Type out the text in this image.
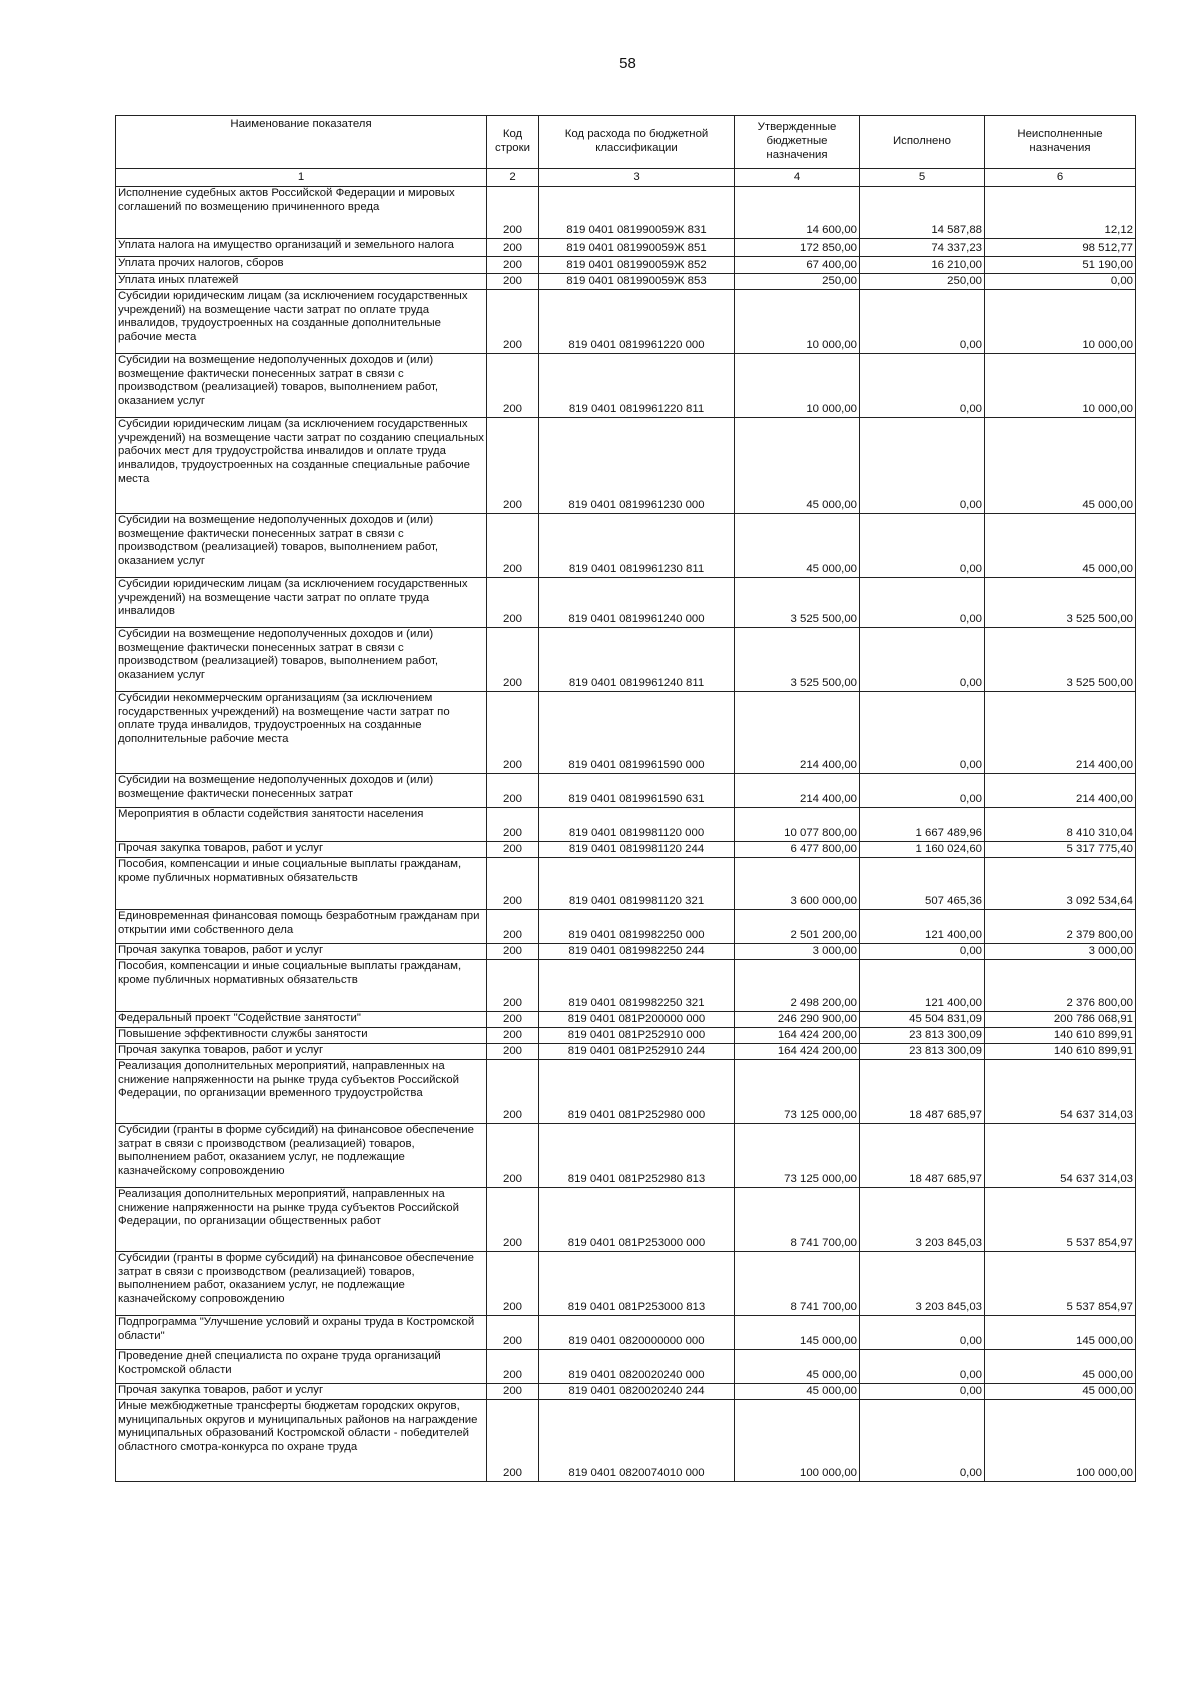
58
Наименование показателя	Код строки	Код расхода по бюджетной классификации	Утвержденные бюджетные назначения	Исполнено	Неисполненные назначения
1	2	3	4	5	6
Исполнение судебных актов Российской Федерации и мировых соглашений по возмещению причиненного вреда	200	819 0401 081990059Ж 831	14 600,00	14 587,88	12,12
Уплата налога на имущество организаций и земельного налога	200	819 0401 081990059Ж 851	172 850,00	74 337,23	98 512,77
Уплата прочих налогов, сборов	200	819 0401 081990059Ж 852	67 400,00	16 210,00	51 190,00
Уплата иных платежей	200	819 0401 081990059Ж 853	250,00	250,00	0,00
Субсидии юридическим лицам (за исключением государственных учреждений) на возмещение части затрат по оплате труда инвалидов, трудоустроенных на созданные дополнительные рабочие места	200	819 0401 0819961220 000	10 000,00	0,00	10 000,00
Субсидии на возмещение недополученных доходов и (или) возмещение фактически понесенных затрат в связи с производством (реализацией) товаров, выполнением работ, оказанием услуг	200	819 0401 0819961220 811	10 000,00	0,00	10 000,00
Субсидии юридическим лицам (за исключением государственных учреждений) на возмещение части затрат по созданию специальных рабочих мест для трудоустройства инвалидов и оплате труда инвалидов, трудоустроенных на созданные специальные рабочие места	200	819 0401 0819961230 000	45 000,00	0,00	45 000,00
Субсидии на возмещение недополученных доходов и (или) возмещение фактически понесенных затрат в связи с производством (реализацией) товаров, выполнением работ, оказанием услуг	200	819 0401 0819961230 811	45 000,00	0,00	45 000,00
Субсидии юридическим лицам (за исключением государственных учреждений) на возмещение части затрат по оплате труда инвалидов	200	819 0401 0819961240 000	3 525 500,00	0,00	3 525 500,00
Субсидии на возмещение недополученных доходов и (или) возмещение фактически понесенных затрат в связи с производством (реализацией) товаров, выполнением работ, оказанием услуг	200	819 0401 0819961240 811	3 525 500,00	0,00	3 525 500,00
Субсидии некоммерческим организациям (за исключением государственных учреждений) на возмещение части затрат по оплате труда инвалидов, трудоустроенных на созданные дополнительные рабочие места	200	819 0401 0819961590 000	214 400,00	0,00	214 400,00
Субсидии на возмещение недополученных доходов и (или) возмещение фактически понесенных затрат	200	819 0401 0819961590 631	214 400,00	0,00	214 400,00
Мероприятия в области содействия занятости населения	200	819 0401 0819981120 000	10 077 800,00	1 667 489,96	8 410 310,04
Прочая закупка товаров, работ и услуг	200	819 0401 0819981120 244	6 477 800,00	1 160 024,60	5 317 775,40
Пособия, компенсации и иные социальные выплаты гражданам, кроме публичных нормативных обязательств	200	819 0401 0819981120 321	3 600 000,00	507 465,36	3 092 534,64
Единовременная финансовая помощь безработным гражданам при открытии ими собственного дела	200	819 0401 0819982250 000	2 501 200,00	121 400,00	2 379 800,00
Прочая закупка товаров, работ и услуг	200	819 0401 0819982250 244	3 000,00	0,00	3 000,00
Пособия, компенсации и иные социальные выплаты гражданам, кроме публичных нормативных обязательств	200	819 0401 0819982250 321	2 498 200,00	121 400,00	2 376 800,00
Федеральный проект "Содействие занятости"	200	819 0401 081P200000 000	246 290 900,00	45 504 831,09	200 786 068,91
Повышение эффективности службы занятости	200	819 0401 081P252910 000	164 424 200,00	23 813 300,09	140 610 899,91
Прочая закупка товаров, работ и услуг	200	819 0401 081P252910 244	164 424 200,00	23 813 300,09	140 610 899,91
Реализация дополнительных мероприятий, направленных на снижение напряженности на рынке труда субъектов Российской Федерации, по организации временного трудоустройства	200	819 0401 081P252980 000	73 125 000,00	18 487 685,97	54 637 314,03
Субсидии (гранты в форме субсидий) на финансовое обеспечение затрат в связи с производством (реализацией) товаров, выполнением работ, оказанием услуг, не подлежащие казначейскому сопровождению	200	819 0401 081P252980 813	73 125 000,00	18 487 685,97	54 637 314,03
Реализация дополнительных мероприятий, направленных на снижение напряженности на рынке труда субъектов Российской Федерации, по организации общественных работ	200	819 0401 081P253000 000	8 741 700,00	3 203 845,03	5 537 854,97
Субсидии (гранты в форме субсидий) на финансовое обеспечение затрат в связи с производством (реализацией) товаров, выполнением работ, оказанием услуг, не подлежащие казначейскому сопровождению	200	819 0401 081P253000 813	8 741 700,00	3 203 845,03	5 537 854,97
Подпрограмма "Улучшение условий и охраны труда в Костромской области"	200	819 0401 0820000000 000	145 000,00	0,00	145 000,00
Проведение дней специалиста по охране труда организаций Костромской области	200	819 0401 0820020240 000	45 000,00	0,00	45 000,00
Прочая закупка товаров, работ и услуг	200	819 0401 0820020240 244	45 000,00	0,00	45 000,00
Иные межбюджетные трансферты бюджетам городских округов, муниципальных округов и муниципальных районов на награждение муниципальных образований Костромской области - победителей областного смотра-конкурса по охране труда	200	819 0401 0820074010 000	100 000,00	0,00	100 000,00
